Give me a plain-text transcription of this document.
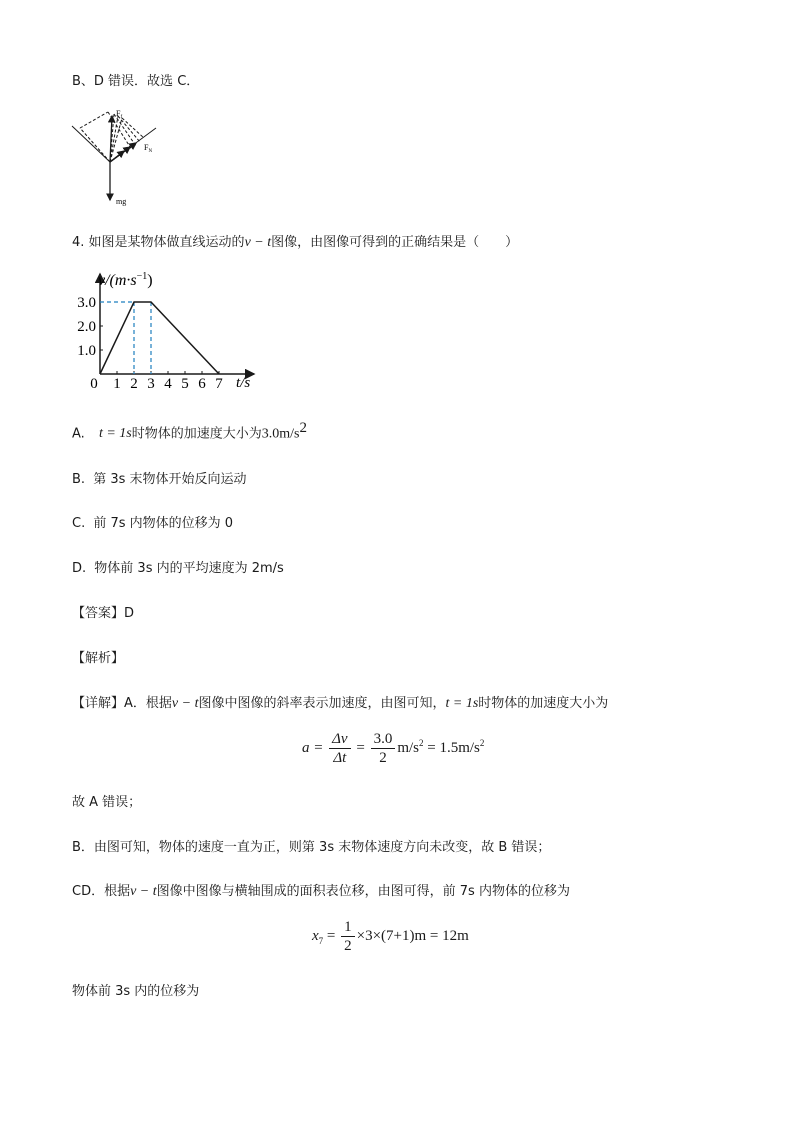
B、D 错误．故选 C．
$F_f$
$F_N$
mg
4. 如图是某物体做直线运动的v − t图像，由图像可得到的正确结果是（　　）
$v/(m\cdot s^{-1})$
t/s
3.0
2.0
1.0
0 1 2 3 4 5 6 7
A. t = 1s时物体的加速度大小为$3.0m/s^2$
B. 第 3s 末物体开始反向运动
C. 前 7s 内物体的位移为 0
D. 物体前 3s 内的平均速度为 2m/s
【答案】D
【解析】
【详解】A．根据v − t图像中图像的斜率表示加速度，由图可知，t = 1s时物体的加速度大小为
$a = \frac{\Delta v}{\Delta t} = \frac{3.0}{2} m/s^2 = 1.5m/s^2$
故 A 错误；
B．由图可知，物体的速度一直为正，则第 3s 末物体速度方向未改变，故 B 错误；
CD．根据v − t图像中图像与横轴围成的面积表位移，由图可得，前 7s 内物体的位移为
$x_7 = \frac{1}{2} \times 3\times(7+1)m = 12m$
物体前 3s 内的位移为
